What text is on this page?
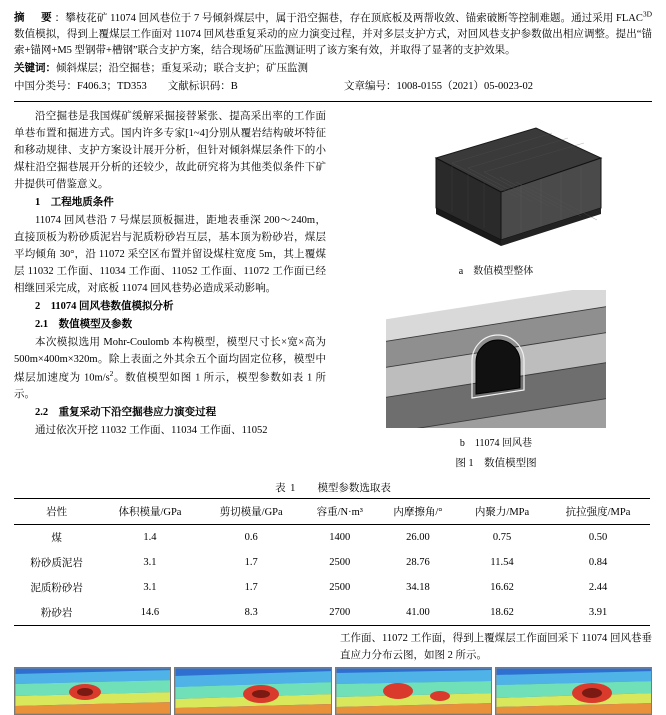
摘　要：攀枝花矿 11074 回风巷位于 7 号倾斜煤层中，属于沿空掘巷，存在顶底板及两帮收敛、锚索破断等控制难题。通过采用 $FLAC^{3D}$ 数值模拟，得到上覆煤层工作面对 11074 回风巷重复采动的应力演变过程，并对多层支护方式，对回风巷支护参数做出相应调整。提出“锚索+锚网+M5 型钢带+槽钢”联合支护方案，结合现场矿压监测证明了该方案有效，并取得了显著的支护效果。
关键词：倾斜煤层；沿空掘巷；重复采动；联合支护；矿压监测
中国分类号：F406.3；TD353　　 文献标识码：B	文章编号：1008-0155（2021）05-0023-02

沿空掘巷是我国煤矿缓解采掘接替紧张、提高采出率的工作面单巷布置和掘进方式。国内许多专家[1~4]分别从覆岩结构破坏特征和移动规律、支护方案设计展开分析，但针对倾斜煤层条件下的小煤柱沿空掘巷展开分析的还较少，故此研究将为其他类似条件下矿井提供可借鉴意义。

1　工程地质条件

11074 回风巷沿 7 号煤层顶板掘进，距地表垂深 200～240m，直接顶板为粉砂质泥岩与泥质粉砂岩互层，基本顶为粉砂岩，煤层平均倾角 30°，沿 11072 采空区布置并留设煤柱宽度 5m，其上覆煤层 11032 工作面、11034 工作面、11052 工作面、11072 工作面已经相继回采完成，对底板 11074 回风巷势必造成采动影响。

2　11074 回风巷数值模拟分析

2.1　数值模型及参数

本次模拟选用 Mohr-Coulomb 本构模型，模型尺寸长×宽×高为 500m×400m×320m。除上表面之外其余五个面均固定位移，模型中煤层加速度为 $10m/s^2$。数值模型如图 1 所示，模型参数如表 1 所示。

2.2　重复采动下沿空掘巷应力演变过程

通过依次开挖 11032 工作面、11034 工作面、11052

a　数值模型整体
b　11074 回风巷
图 1　数值模型图
表 1　　 模型参数选取表
岩性	体积模量/GPa	剪切模量/GPa	容重/N·m³	内摩擦角/°	内聚力/MPa	抗拉强度/MPa
煤	1.4	0.6	1400	26.00	0.75	0.50
粉砂质泥岩	3.1	1.7	2500	28.76	11.54	0.84
泥质粉砂岩	3.1	1.7	2500	34.18	16.62	2.44
粉砂岩	14.6	8.3	2700	41.00	18.62	3.91

工作面、11072 工作面，得到上覆煤层工作面回采下 11074 回风巷垂直应力分布云图，如图 2 所示。
